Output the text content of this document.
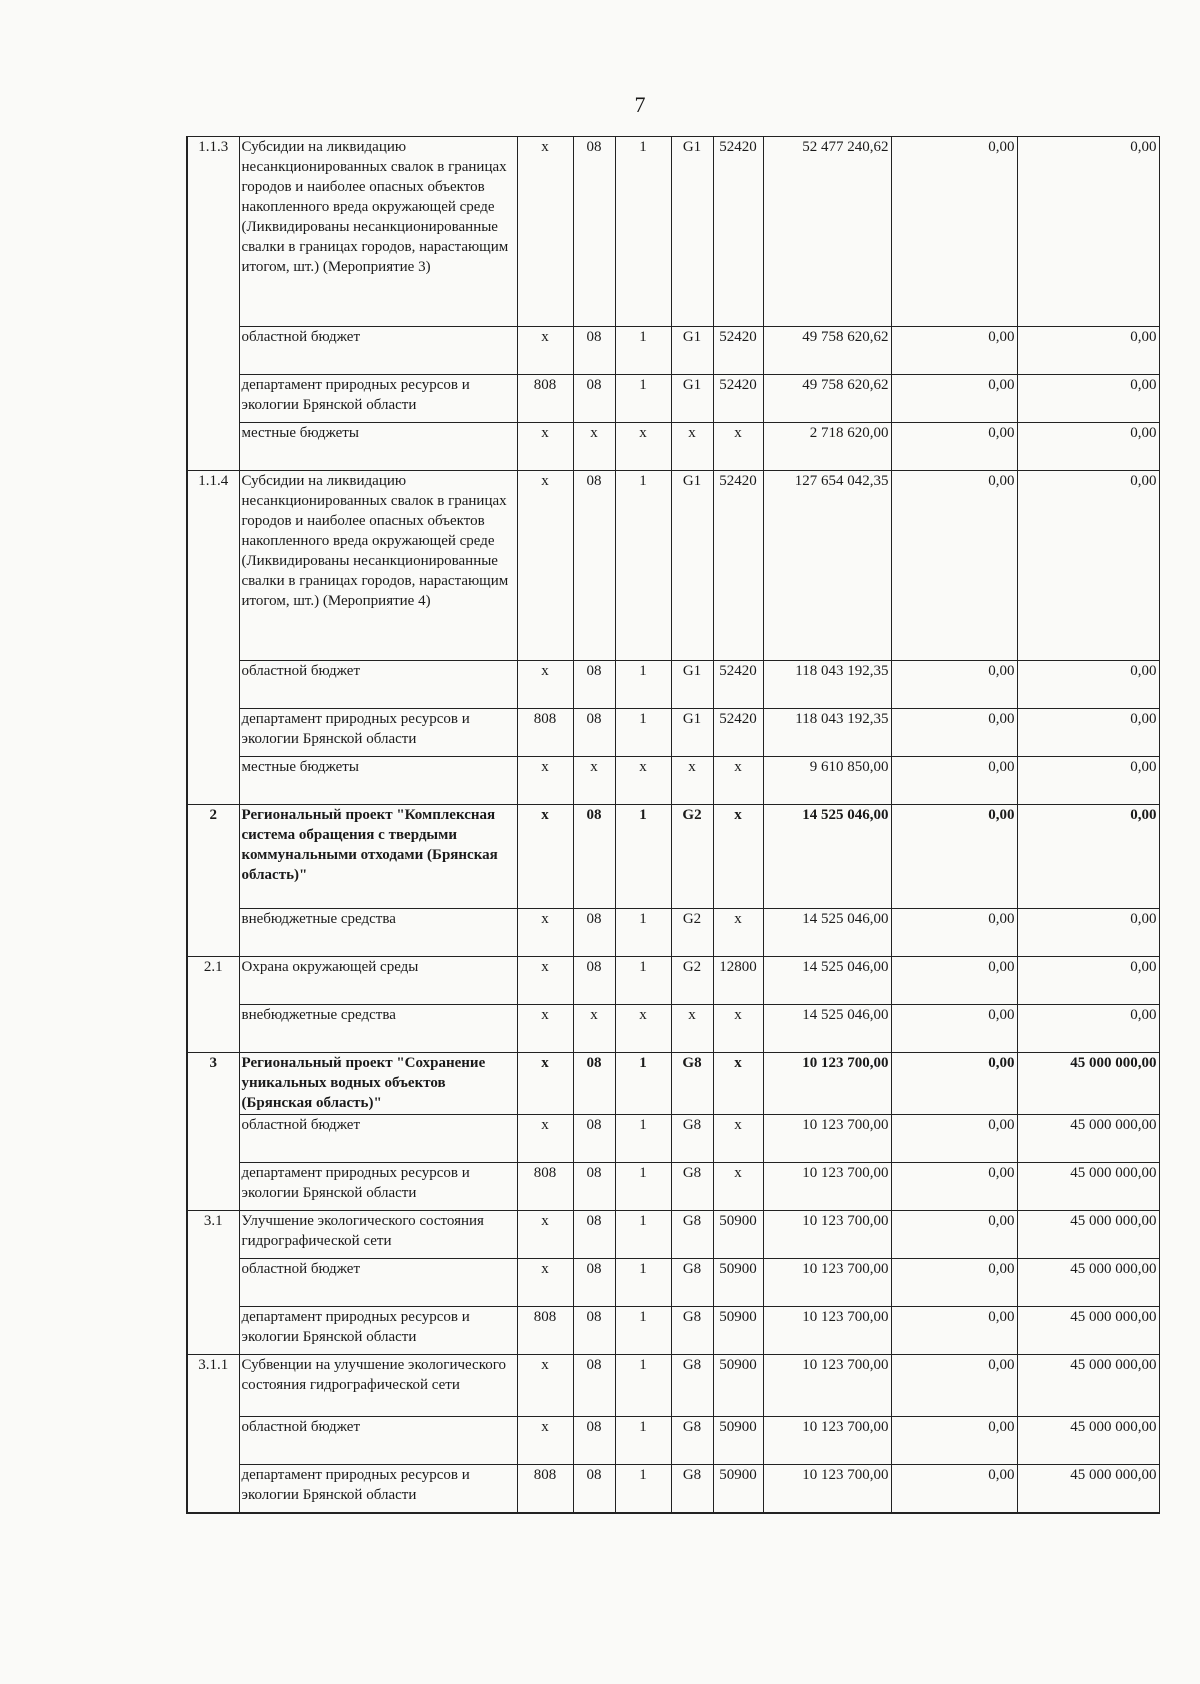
7
1.1.3	Субсидии на ликвидацию несанкционированных свалок в границах городов и наиболее опасных объектов накопленного вреда окружающей среде (Ликвидированы несанкционированные свалки в границах городов, нарастающим итогом, шт.) (Мероприятие 3)	х	08	1	G1	52420	52 477 240,62	0,00	0,00
	областной бюджет	х	08	1	G1	52420	49 758 620,62	0,00	0,00
	департамент природных ресурсов и экологии Брянской области	808	08	1	G1	52420	49 758 620,62	0,00	0,00
	местные бюджеты	х	х	х	х	х	2 718 620,00	0,00	0,00
1.1.4	Субсидии на ликвидацию несанкционированных свалок в границах городов и наиболее опасных объектов накопленного вреда окружающей среде (Ликвидированы несанкционированные свалки в границах городов, нарастающим итогом, шт.) (Мероприятие 4)	х	08	1	G1	52420	127 654 042,35	0,00	0,00
	областной бюджет	х	08	1	G1	52420	118 043 192,35	0,00	0,00
	департамент природных ресурсов и экологии Брянской области	808	08	1	G1	52420	118 043 192,35	0,00	0,00
	местные бюджеты	х	х	х	х	х	9 610 850,00	0,00	0,00
2	Региональный проект "Комплексная система обращения с твердыми коммунальными отходами (Брянская область)"	х	08	1	G2	х	14 525 046,00	0,00	0,00
	внебюджетные средства	х	08	1	G2	х	14 525 046,00	0,00	0,00
2.1	Охрана окружающей среды	х	08	1	G2	12800	14 525 046,00	0,00	0,00
	внебюджетные средства	х	х	х	х	х	14 525 046,00	0,00	0,00
3	Региональный проект "Сохранение уникальных водных объектов (Брянская область)"	х	08	1	G8	х	10 123 700,00	0,00	45 000 000,00
	областной бюджет	х	08	1	G8	х	10 123 700,00	0,00	45 000 000,00
	департамент природных ресурсов и экологии Брянской области	808	08	1	G8	х	10 123 700,00	0,00	45 000 000,00
3.1	Улучшение экологического состояния гидрографической сети	х	08	1	G8	50900	10 123 700,00	0,00	45 000 000,00
	областной бюджет	х	08	1	G8	50900	10 123 700,00	0,00	45 000 000,00
	департамент природных ресурсов и экологии Брянской области	808	08	1	G8	50900	10 123 700,00	0,00	45 000 000,00
3.1.1	Субвенции на улучшение экологического состояния гидрографической сети	х	08	1	G8	50900	10 123 700,00	0,00	45 000 000,00
	областной бюджет	х	08	1	G8	50900	10 123 700,00	0,00	45 000 000,00
	департамент природных ресурсов и экологии Брянской области	808	08	1	G8	50900	10 123 700,00	0,00	45 000 000,00
